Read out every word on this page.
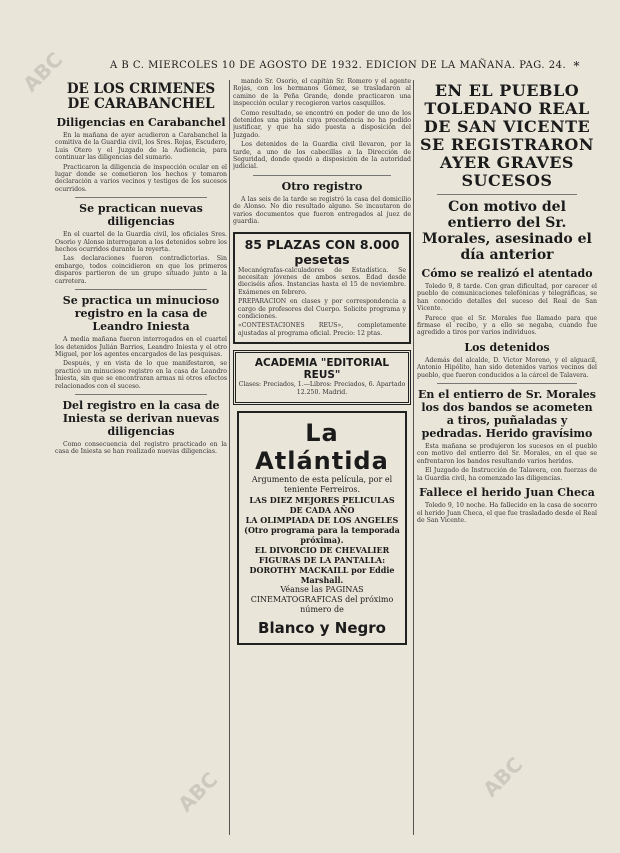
ABC
ABC	ABC
A B C. MIERCOLES 10 DE AGOSTO DE 1932. EDICION DE LA MAÑANA. PAG. 24. *
DE LOS CRIMENES DE CARABANCHEL
Diligencias en Carabanchel

En la mañana de ayer acudieron a Carabanchel la comitiva de la Guardia civil, los Sres. Rojas, Escudero, Luis Otero y el Juzgado de la Audiencia, para continuar las diligencias del sumario.

Practicaron la diligencia de inspección ocular en el lugar donde se cometieron los hechos y tomaron declaración a varios vecinos y testigos de los sucesos ocurridos.

Se practican nuevas diligencias

En el cuartel de la Guardia civil, los oficiales Sres. Osorio y Alonso interrogaron a los detenidos sobre los hechos ocurridos durante la reyerta.

Las declaraciones fueron contradictorias. Sin embargo, todos coincidieron en que los primeros disparos partieron de un grupo situado junto a la carretera.

Se practica un minucioso registro en la casa de Leandro Iniesta

A media mañana fueron interrogados en el cuartel los detenidos Julián Barrios, Leandro Iniesta y el otro Miguel, por los agentes encargados de las pesquisas.

Después, y en vista de lo que manifestaron, se practicó un minucioso registro en la casa de Leandro Iniesta, sin que se encontraran armas ni otros efectos relacionados con el suceso.

Del registro en la casa de Iniesta se derivan nuevas diligencias

Como consecuencia del registro practicado en la casa de Iniesta se han realizado nuevas diligencias.

mando Sr. Osorio, el capitán Sr. Romero y el agente Rojas, con los hermanos Gómez, se trasladaron al camino de la Peña Grande, donde practicaron una inspección ocular y recogieron varios casquillos.

Como resultado, se encontró en poder de uno de los detenidos una pistola cuya procedencia no ha podido justificar, y que ha sido puesta a disposición del Juzgado.

Los detenidos de la Guardia civil llevaron, por la tarde, a uno de los cabecillas a la Dirección de Seguridad, donde quedó a disposición de la autoridad judicial.

Otro registro

A las seis de la tarde se registró la casa del domicilio de Alonso. No dio resultado alguno. Se incautaron de varios documentos que fueron entregados al juez de guardia.

85 PLAZAS CON 8.000 pesetas

Mecanógrafas-calculadores de Estadística. Se necesitan jóvenes de ambos sexos. Edad desde dieciséis años. Instancias hasta el 15 de noviembre. Exámenes en febrero.

PREPARACION en clases y por correspondencia a cargo de profesores del Cuerpo. Solicite programa y condiciones.

«CONTESTACIONES REUS», completamente ajustadas al programa oficial. Precio: 12 ptas.

ACADEMIA "EDITORIAL REUS"

Clases: Preciados, 1.—Libros: Preciados, 6. Apartado 12.250. Madrid.

La Atlántida
Argumento de esta película, por el teniente Ferreiros.
LAS DIEZ MEJORES PELICULAS DE CADA AÑO
LA OLIMPIADA DE LOS ANGELES (Otro programa para la temporada próxima).
EL DIVORCIO DE CHEVALIER
FIGURAS DE LA PANTALLA: DOROTHY MACKAILL por Eddie Marshall.
Véanse las PAGINAS CINEMATOGRAFICAS del próximo número de
Blanco y Negro
EN EL PUEBLO TOLEDANO REAL DE SAN VICENTE SE REGISTRARON AYER GRAVES SUCESOS
Con motivo del entierro del Sr. Morales, asesinado el día anterior
Cómo se realizó el atentado

Toledo 9, 8 tarde. Con gran dificultad, por carecer el pueblo de comunicaciones telefónicas y telegráficas, se han conocido detalles del suceso del Real de San Vicente.

Parece que el Sr. Morales fue llamado para que firmase el recibo, y a ello se negaba, cuando fue agredido a tiros por varios individuos.

Los detenidos

Además del alcalde, D. Victor Moreno, y el alguacil, Antonio Hipólito, han sido detenidos varios vecinos del pueblo, que fueron conducidos a la cárcel de Talavera.

En el entierro de Sr. Morales los dos bandos se acometen a tiros, puñaladas y pedradas. Herido gravísimo

Esta mañana se produjeron los sucesos en el pueblo con motivo del entierro del Sr. Morales, en el que se enfrentaron los bandos resultando varios heridos.

El Juzgado de Instrucción de Talavera, con fuerzas de la Guardia civil, ha comenzado las diligencias.

Fallece el herido Juan Checa

Toledo 9, 10 noche. Ha fallecido en la casa de socorro el herido Juan Checa, el que fue trasladado desde el Real de San Vicente.
